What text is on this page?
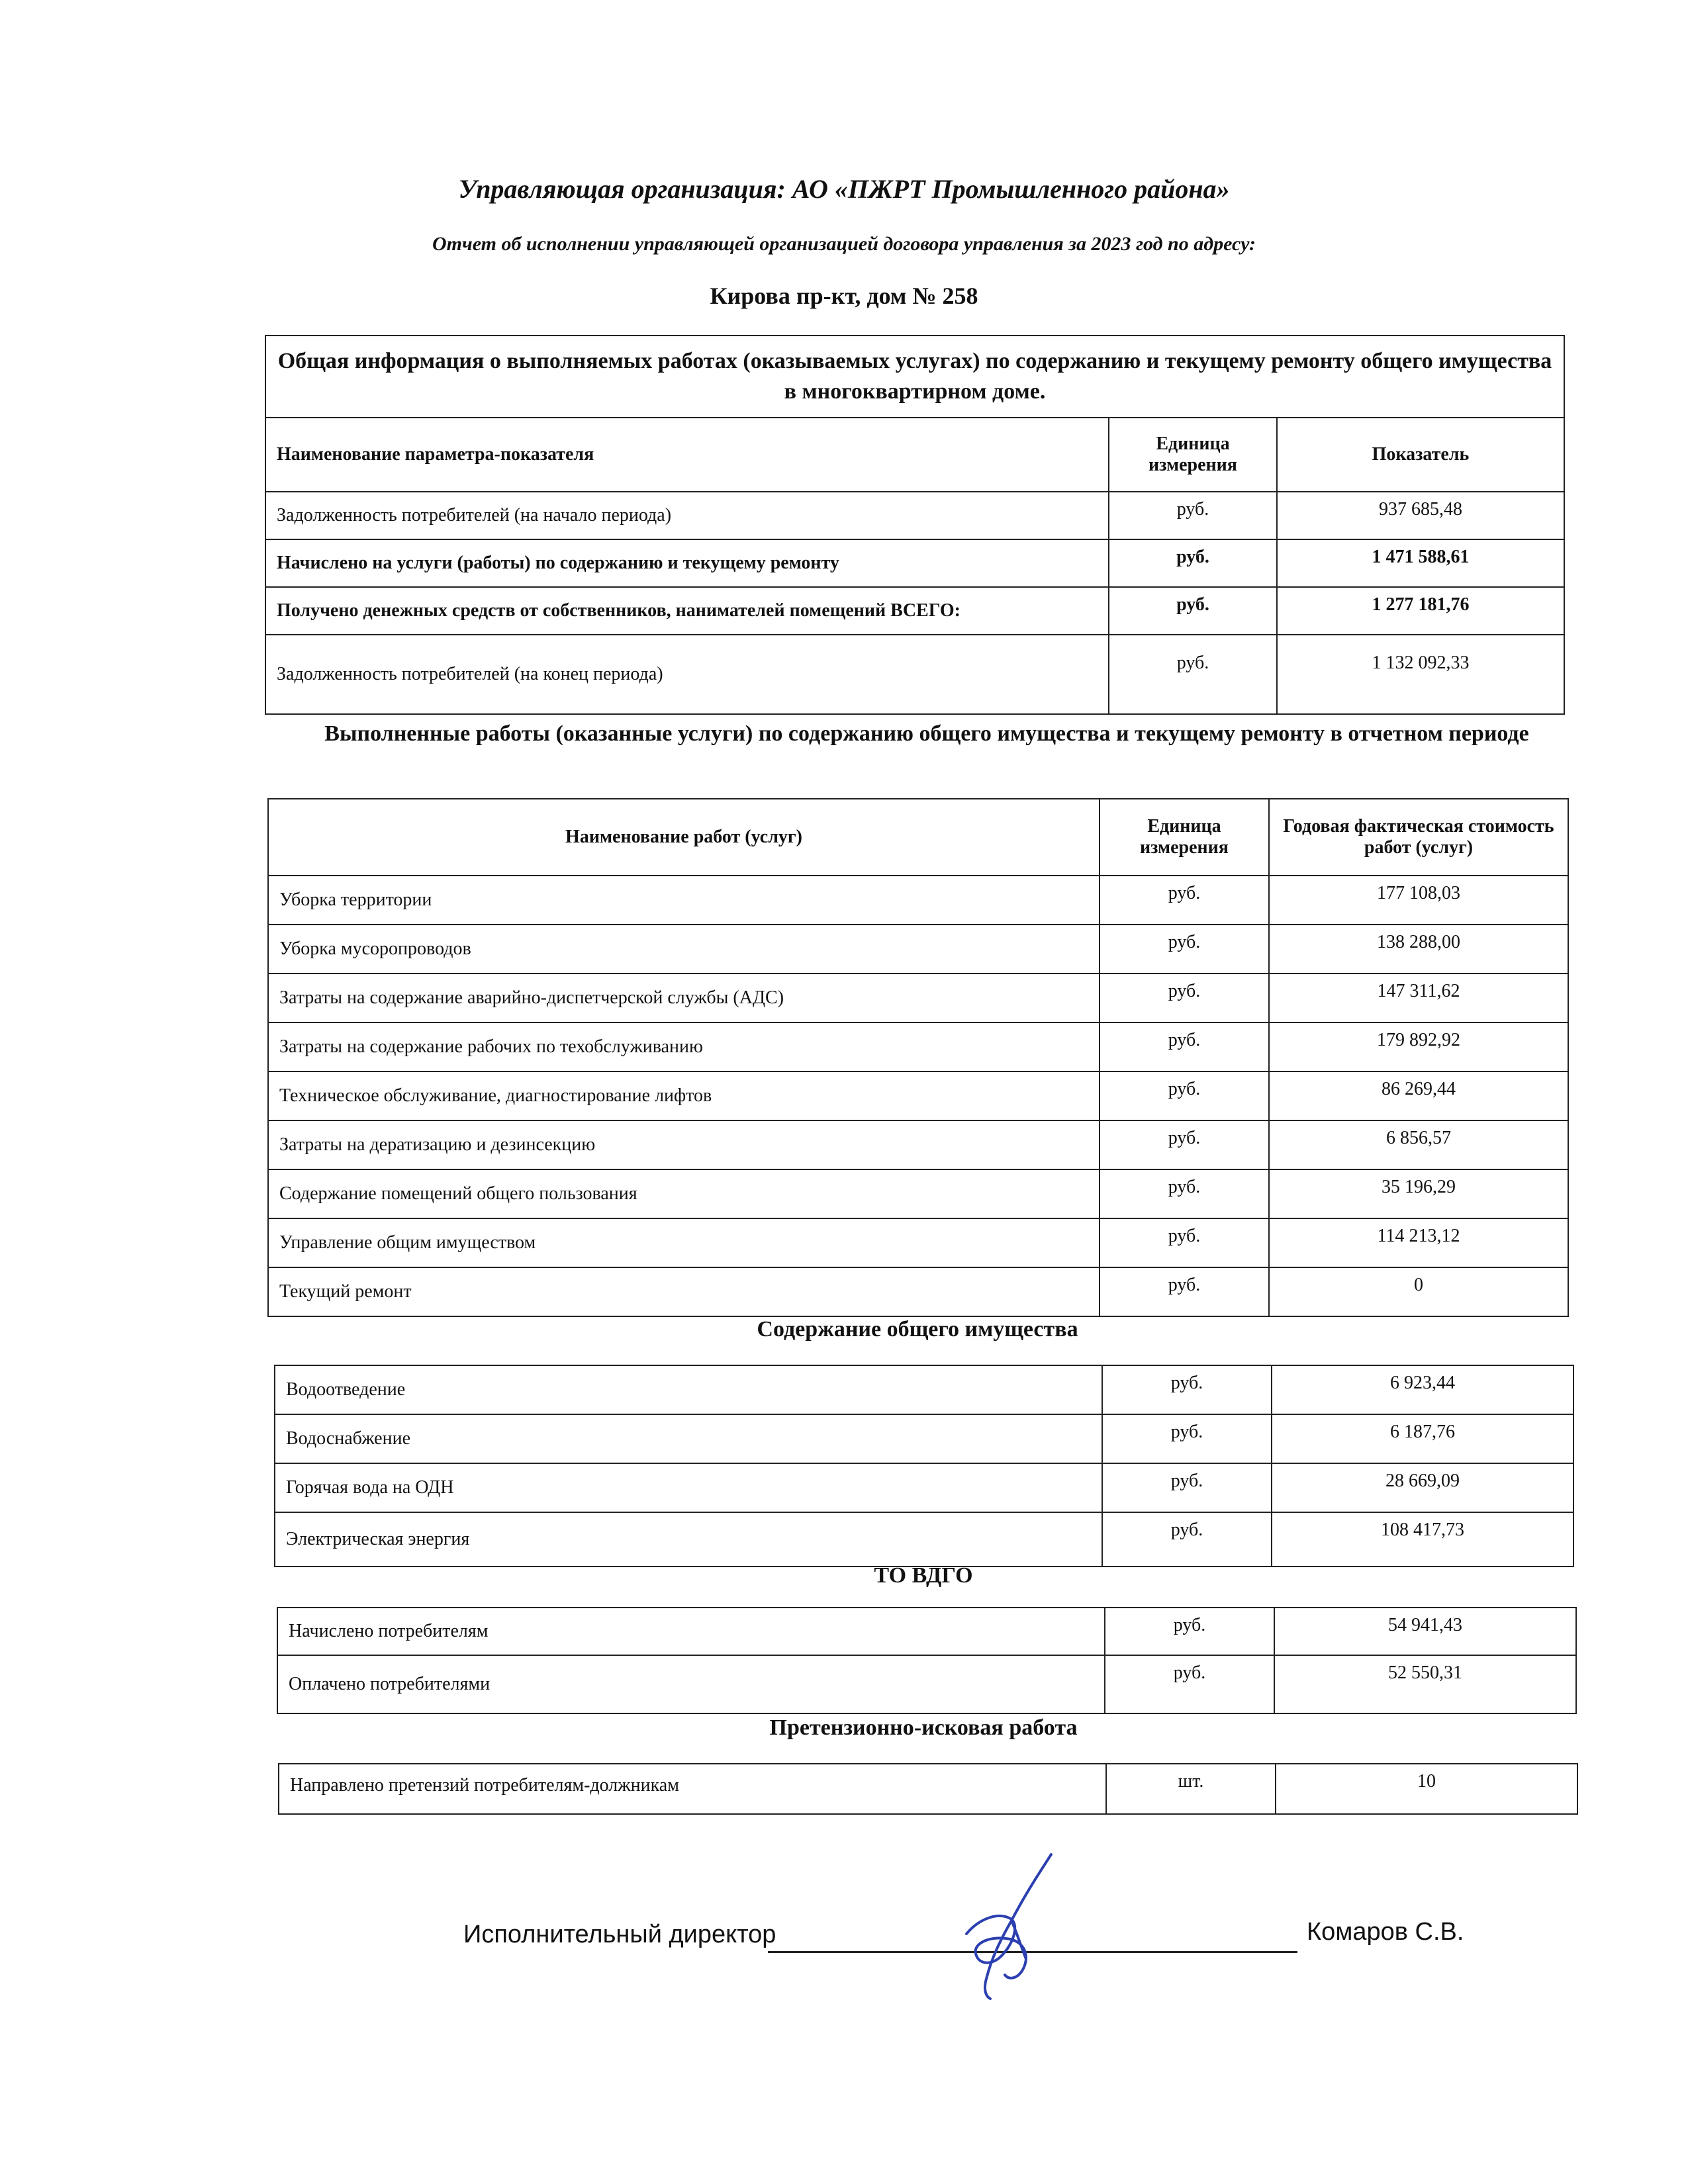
Управляющая организация: АО «ПЖРТ Промышленного района»
Отчет об исполнении управляющей организацией договора управления за 2023 год по адресу:
Кирова пр-кт, дом № 258
Общая информация о выполняемых работах (оказываемых услугах) по содержанию и текущему ремонту общего имущества в многоквартирном доме.		
Наименование параметра-показателя	Единица измерения	Показатель
Задолженность потребителей (на начало периода)	руб.	937 685,48
Начислено на услуги (работы) по содержанию и текущему ремонту	руб.	1 471 588,61
Получено денежных средств от собственников, нанимателей помещений ВСЕГО:	руб.	1 277 181,76
Задолженность потребителей (на конец периода)	руб.	1 132 092,33
Выполненные работы (оказанные услуги) по содержанию общего имущества и текущему ремонту в отчетном периоде
Наименование работ (услуг)	Единица измерения	Годовая фактическая стоимость работ (услуг)
Уборка территории	руб.	177 108,03
Уборка мусоропроводов	руб.	138 288,00
Затраты на содержание аварийно-диспетчерской службы (АДС)	руб.	147 311,62
Затраты на содержание рабочих по техобслуживанию	руб.	179 892,92
Техническое обслуживание, диагностирование лифтов	руб.	86 269,44
Затраты на дератизацию и дезинсекцию	руб.	6 856,57
Содержание помещений общего пользования	руб.	35 196,29
Управление общим имуществом	руб.	114 213,12
Текущий ремонт	руб.	0
Содержание общего имущества
Водоотведение	руб.	6 923,44
Водоснабжение	руб.	6 187,76
Горячая вода на ОДН	руб.	28 669,09
Электрическая энергия	руб.	108 417,73
ТО ВДГО
Начислено потребителям	руб.	54 941,43
Оплачено потребителями	руб.	52 550,31
Претензионно-исковая работа
Направлено претензий потребителям-должникам	шт.	10
Исполнительный директор	Комаров С.В.
